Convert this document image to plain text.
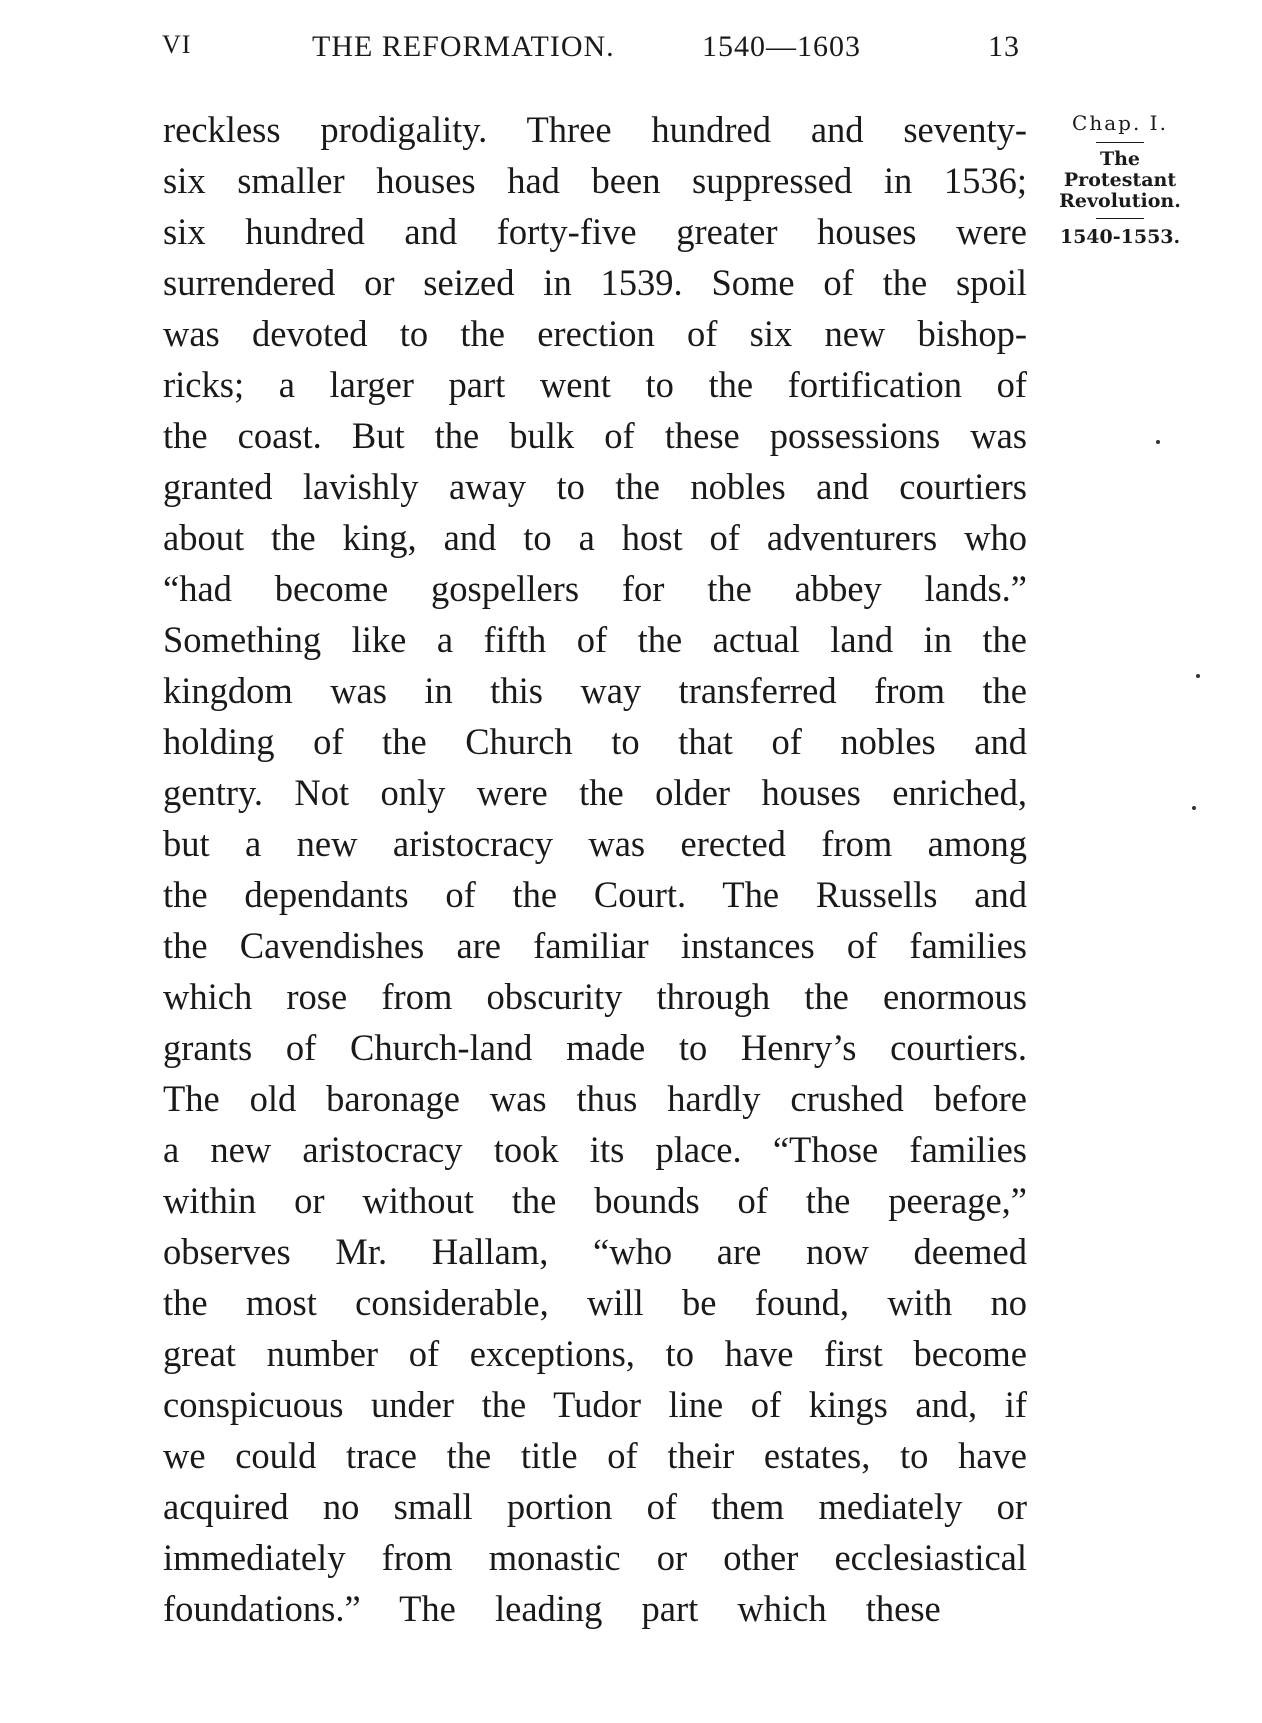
VI	THE REFORMATION.	1540—1603	13
reckless prodigality. Three hundred and seventy-
six smaller houses had been suppressed in 1536;
six hundred and forty-five greater houses were
surrendered or seized in 1539. Some of the spoil
was devoted to the erection of six new bishop-
ricks; a larger part went to the fortification of
the coast. But the bulk of these possessions was
granted lavishly away to the nobles and courtiers
about the king, and to a host of adventurers who
“had become gospellers for the abbey lands.”
Something like a fifth of the actual land in the
kingdom was in this way transferred from the
holding of the Church to that of nobles and
gentry. Not only were the older houses enriched,
but a new aristocracy was erected from among
the dependants of the Court. The Russells and
the Cavendishes are familiar instances of families
which rose from obscurity through the enormous
grants of Church-land made to Henry’s courtiers.
The old baronage was thus hardly crushed before
a new aristocracy took its place. “Those families
within or without the bounds of the peerage,”
observes Mr. Hallam, “who are now deemed
the most considerable, will be found, with no
great number of exceptions, to have first become
conspicuous under the Tudor line of kings and, if
we could trace the title of their estates, to have
acquired no small portion of them mediately or
immediately from monastic or other ecclesiastical
foundations.” The leading part which these
Chap. I.
The
Protestant
Revolution.
1540-1553.
